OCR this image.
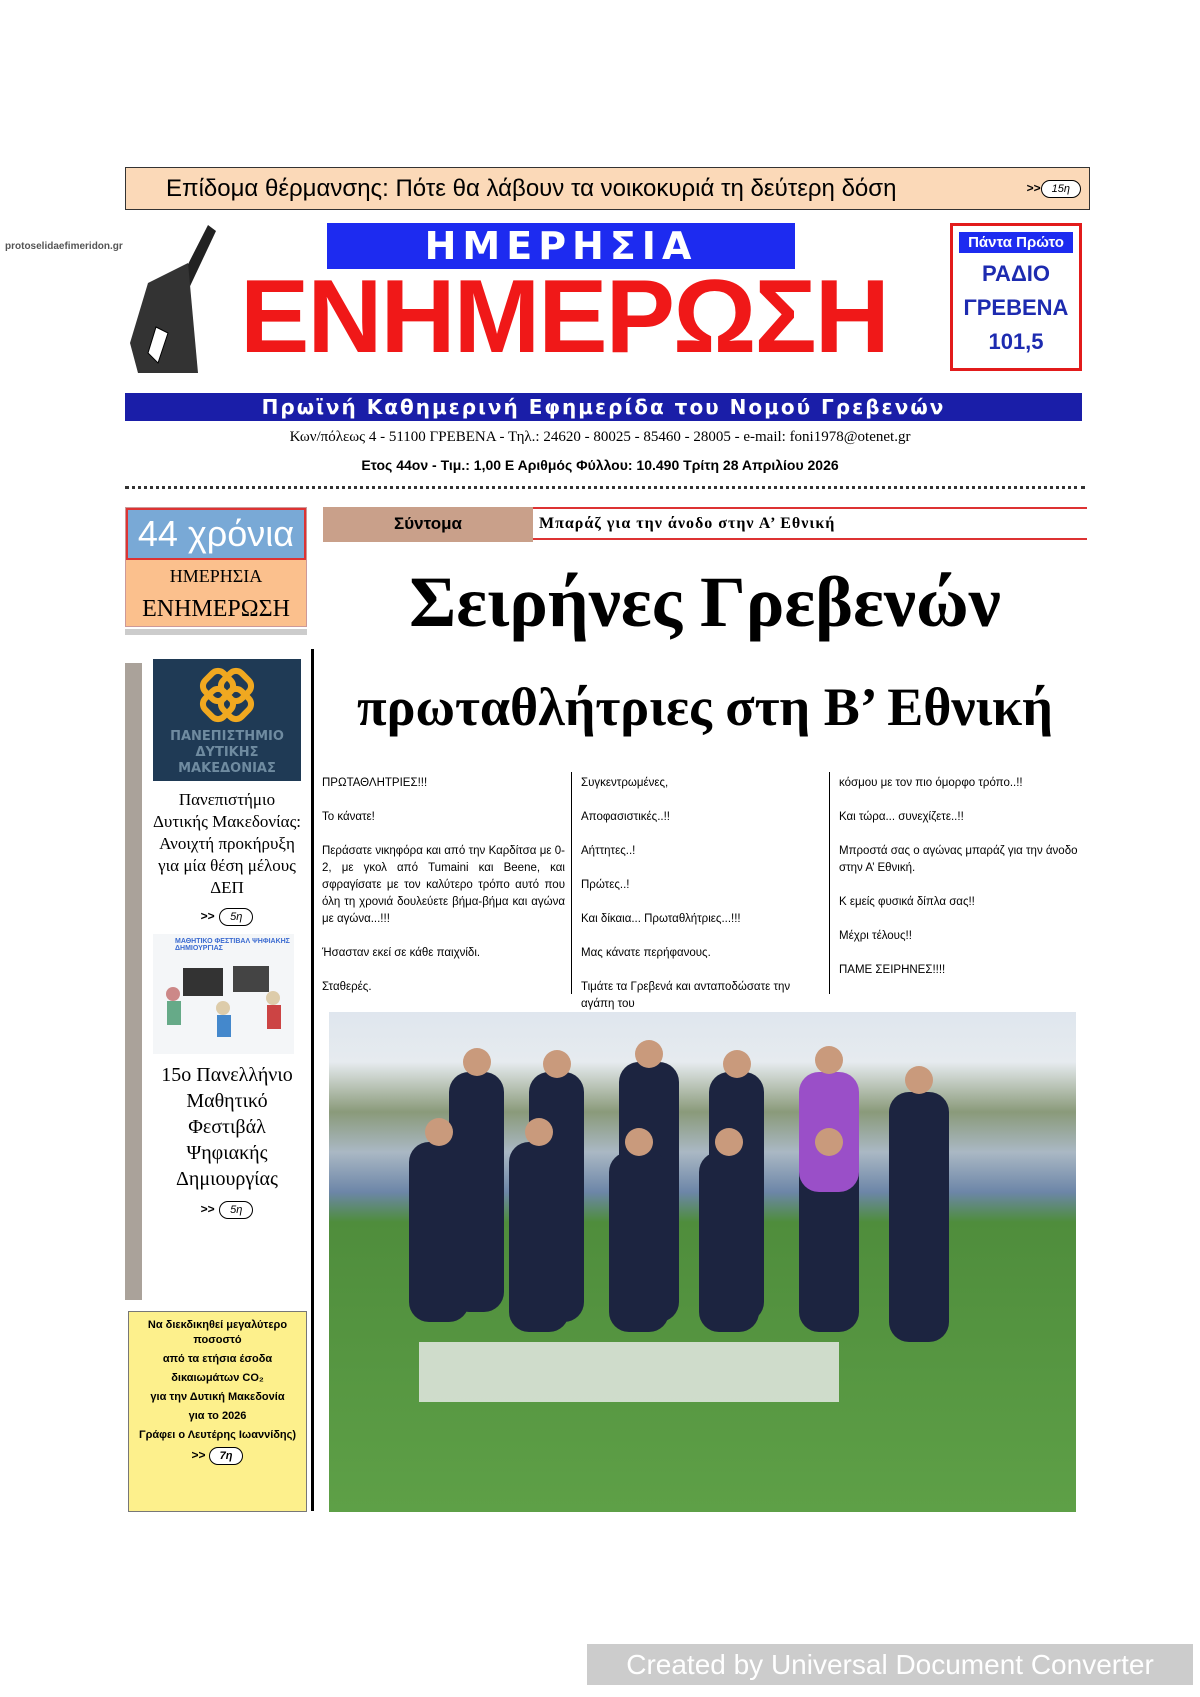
Επίδομα θέρμανσης: Πότε θα λάβουν τα νοικοκυριά τη δεύτερη δόση	>> 15η
protoselidaefimeridon.gr	ΗΜΕΡΗΣΙΑ
ΕΝΗΜΕΡΩΣΗ
Πάντα Πρώτο
ΡΑΔΙΟ
ΓΡΕΒΕΝΑ
101,5
Πρωϊνή Καθημερινή Εφημερίδα του Νομού Γρεβενών
Κων/πόλεως 4 - 51100 ΓΡΕΒΕΝΑ - Τηλ.: 24620 - 80025 - 85460 - 28005 - e-mail: foni1978@otenet.gr
Ετος 44ον - Τιμ.: 1,00 Ε Αριθμός Φύλλου: 10.490 Τρίτη 28 Απριλίου 2026
44 χρόνια
ΗΜΕΡΗΣΙΑ
ΕΝΗΜΕΡΩΣΗ
Σύντομα	Μπαράζ για την άνοδο στην Α’ Εθνική
Σειρήνες Γρεβενών
πρωταθλήτριες στη Β’ Εθνική

ΠΡΩΤΑΘΛΗΤΡΙΕΣ!!!

Το κάνατε!

Περάσατε νικηφόρα και από την Καρδίτσα με 0-2, με γκολ από Tumaini και Beene, και σφραγίσατε με τον καλύτερο τρόπο αυτό που όλη τη χρονιά δουλεύετε βήμα-βήμα και αγώνα με αγώνα...!!!

Ήσασταν εκεί σε κάθε παιχνίδι.

Σταθερές.

Συγκεντρωμένες,

Αποφασιστικές..!!

Αήττητες..!

Πρώτες..!

Και δίκαια... Πρωταθλήτριες...!!!

Μας κάνατε περήφανους.

Τιμάτε τα Γρεβενά και ανταποδώσατε την αγάπη του

κόσμου με τον πιο όμορφο τρόπο..!!

Και τώρα... συνεχίζετε..!!

Μπροστά σας ο αγώνας μπαράζ για την άνοδο στην Α’ Εθνική.

Κ εμείς φυσικά δίπλα σας!!

Μέχρι τέλους!!

ΠΑΜΕ ΣΕΙΡΗΝΕΣ!!!!

ΠΑΝΕΠΙΣΤΗΜΙΟ
ΔΥΤΙΚΗΣ
ΜΑΚΕΔΟΝΙΑΣ
Πανεπιστήμιο
Δυτικής Μακεδονίας:
Ανοιχτή προκήρυξη
για μία θέση μέλους ΔΕΠ
>> 5η
ΜΑΘΗΤΙΚΟ ΦΕΣΤΙΒΑΛ ΨΗΦΙΑΚΗΣ ΔΗΜΙΟΥΡΓΙΑΣ
15ο Πανελλήνιο
Μαθητικό Φεστιβάλ
Ψηφιακής Δημιουργίας
>> 5η
Να διεκδικηθεί μεγαλύτερο ποσοστό
από τα ετήσια έσοδα
δικαιωμάτων CO₂
για την Δυτική Μακεδονία
για το 2026
Γράφει ο Λευτέρης Ιωαννίδης)
>> 7η
Created by Universal Document Converter
